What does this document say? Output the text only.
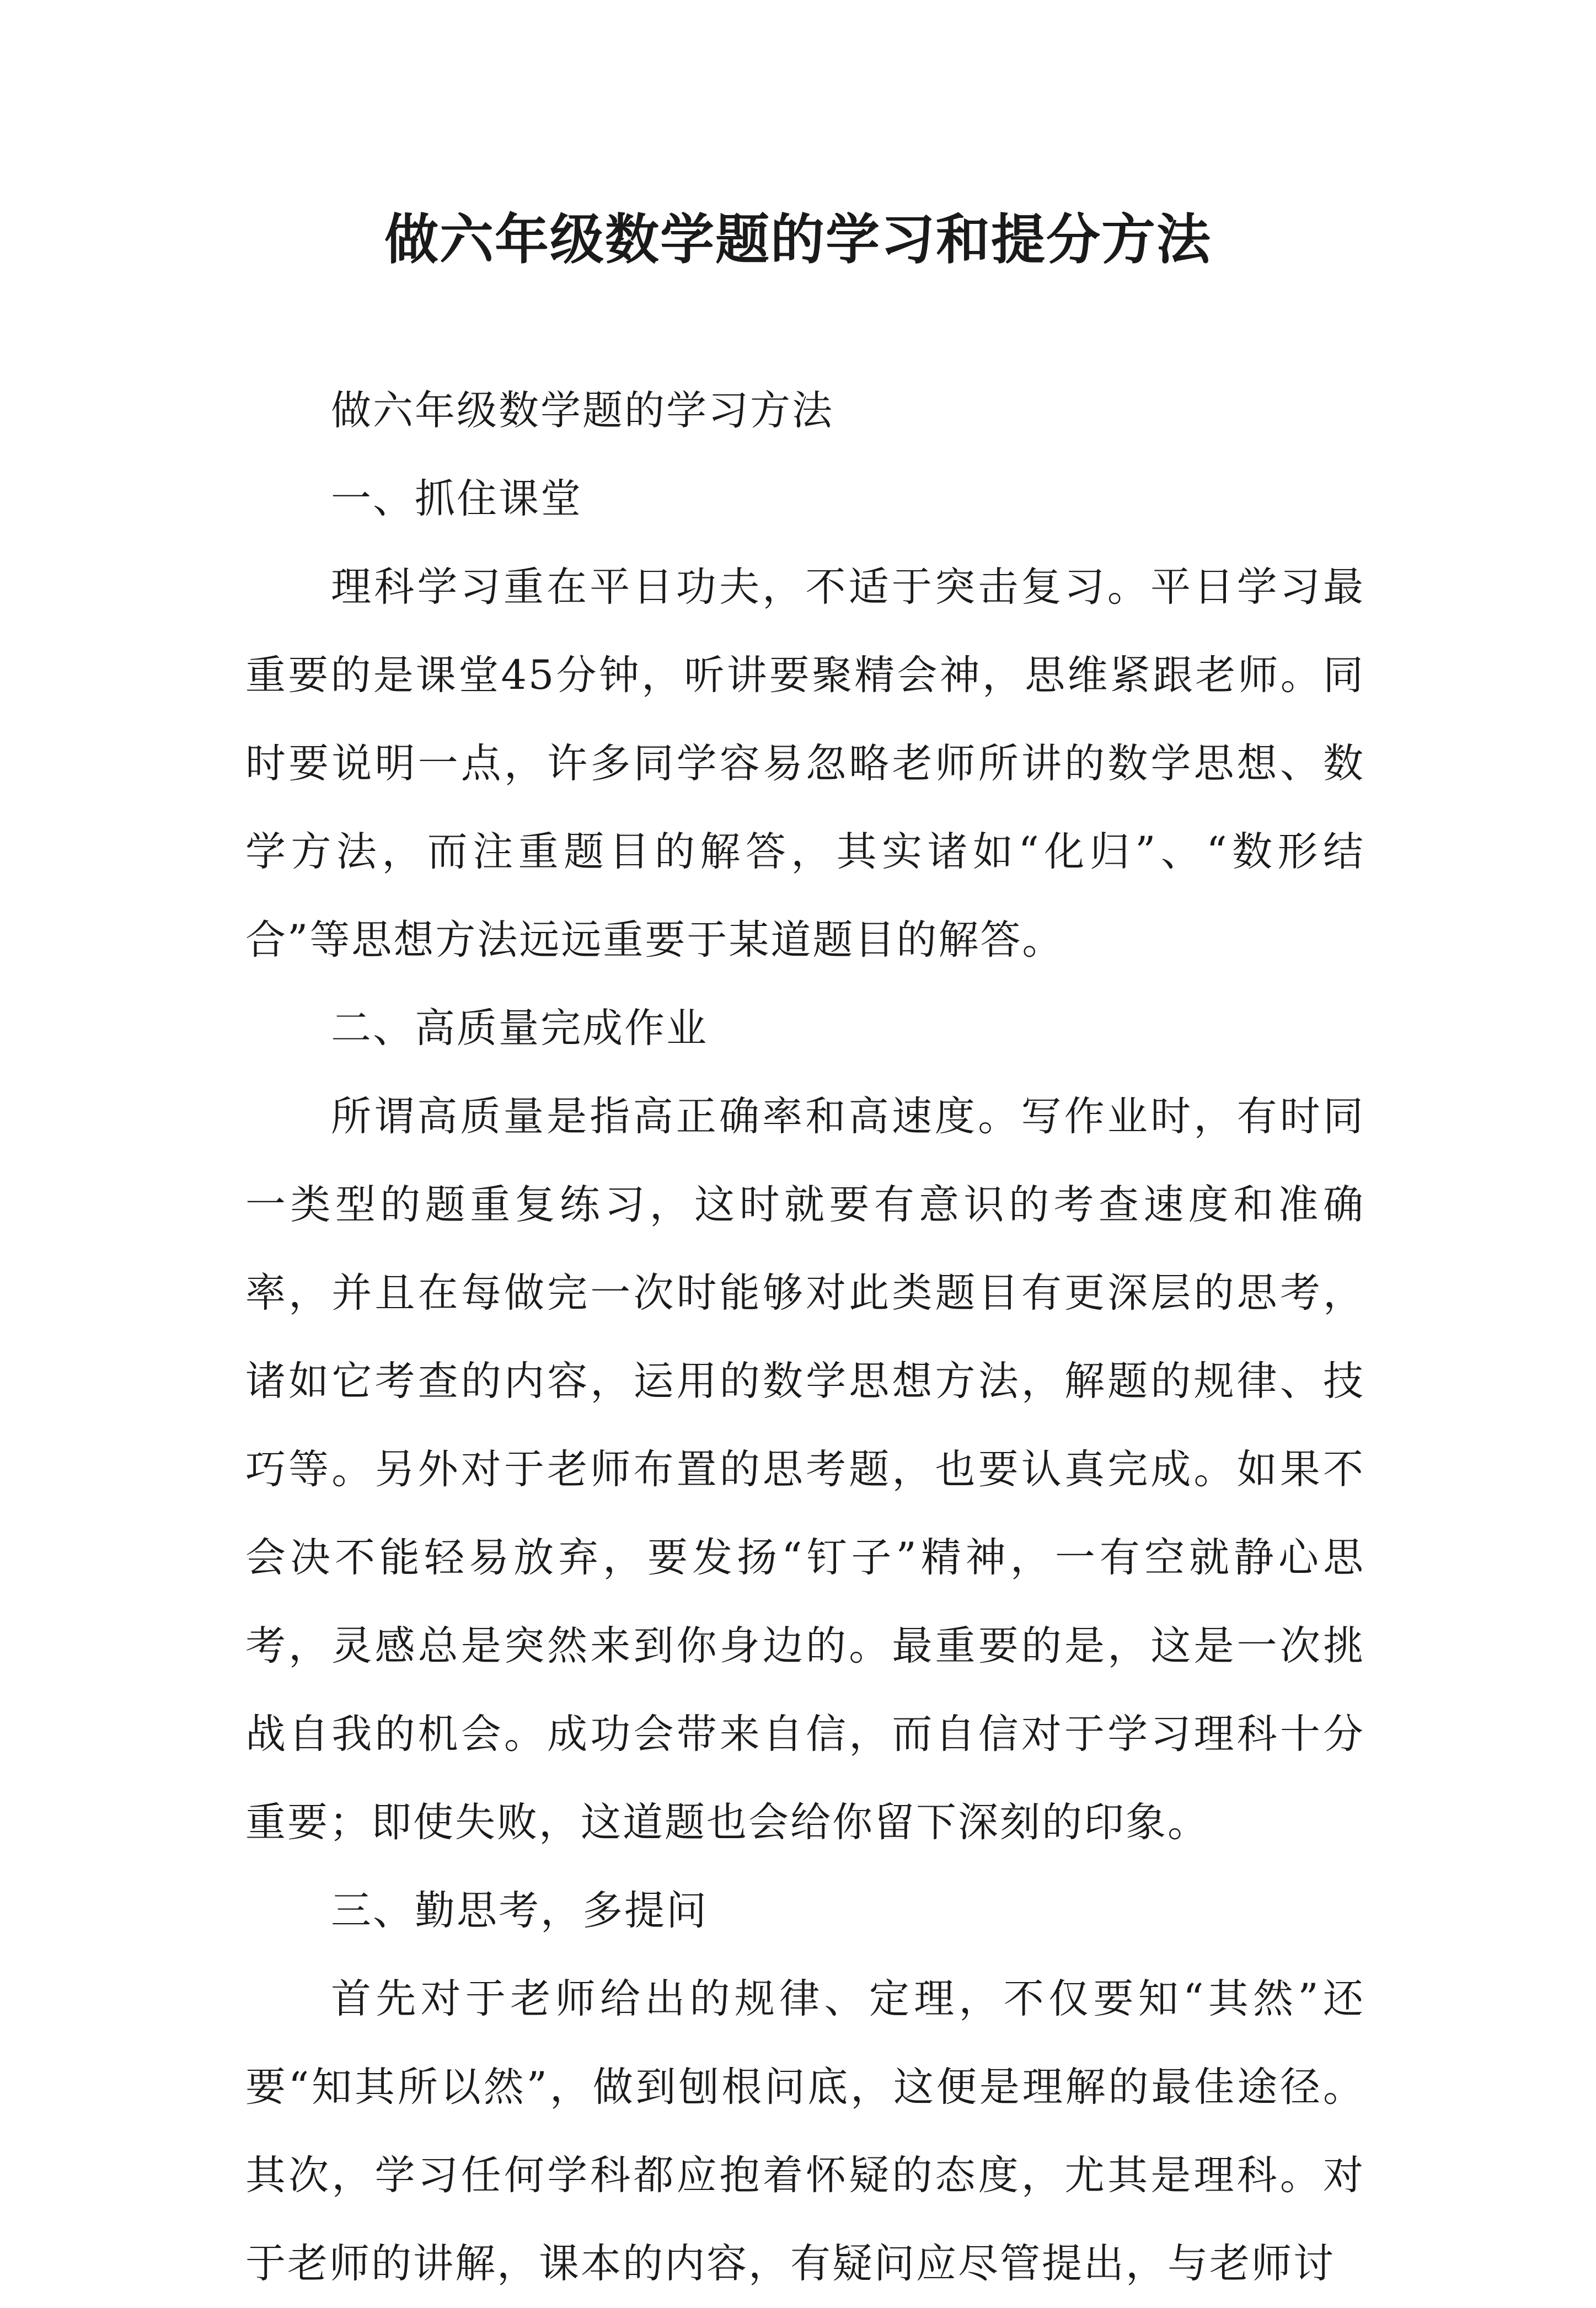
做六年级数学题的学习和提分方法

做六年级数学题的学习方法

一、抓住课堂

理科学习重在平日功夫，不适于突击复习。平日学习最重要的是课堂45分钟，听讲要聚精会神，思维紧跟老师。同时要说明一点，许多同学容易忽略老师所讲的数学思想、数学方法，而注重题目的解答，其实诸如“化归”、“数形结合”等思想方法远远重要于某道题目的解答。

二、高质量完成作业

所谓高质量是指高正确率和高速度。写作业时，有时同一类型的题重复练习，这时就要有意识的考查速度和准确率，并且在每做完一次时能够对此类题目有更深层的思考，诸如它考查的内容，运用的数学思想方法，解题的规律、技巧等。另外对于老师布置的思考题，也要认真完成。如果不会决不能轻易放弃，要发扬“钉子”精神，一有空就静心思考，灵感总是突然来到你身边的。最重要的是，这是一次挑战自我的机会。成功会带来自信，而自信对于学习理科十分重要；即使失败，这道题也会给你留下深刻的印象。

三、勤思考，多提问

首先对于老师给出的规律、定理，不仅要知“其然”还要“知其所以然”，做到刨根问底，这便是理解的最佳途径。其次，学习任何学科都应抱着怀疑的态度，尤其是理科。对于老师的讲解，课本的内容，有疑问应尽管提出，与老师讨
